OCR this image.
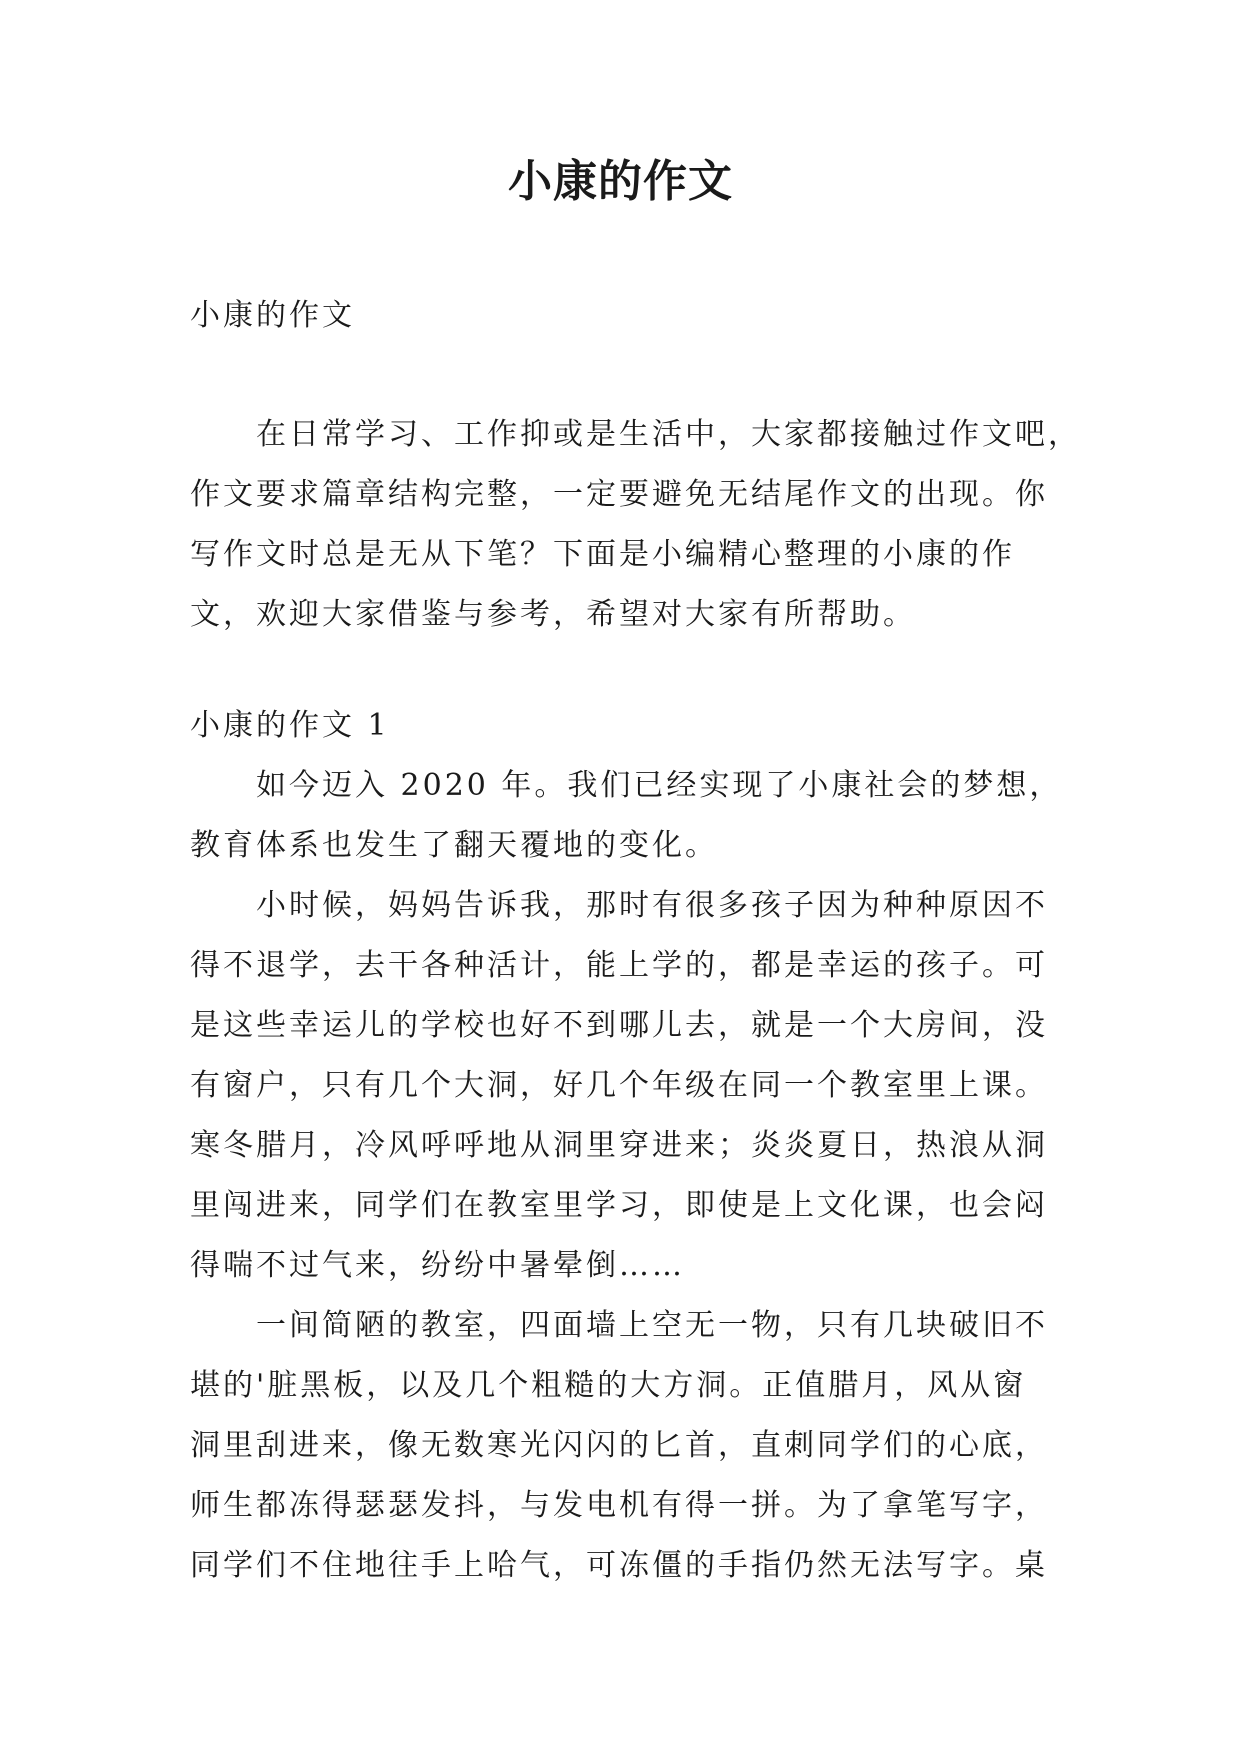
小康的作文
小康的作文
　　在日常学习、工作抑或是生活中，大家都接触过作文吧，
作文要求篇章结构完整，一定要避免无结尾作文的出现。你
写作文时总是无从下笔？下面是小编精心整理的小康的作
文，欢迎大家借鉴与参考，希望对大家有所帮助。
小康的作文 1
　　如今迈入 2020 年。我们已经实现了小康社会的梦想，
教育体系也发生了翻天覆地的变化。
　　小时候，妈妈告诉我，那时有很多孩子因为种种原因不
得不退学，去干各种活计，能上学的，都是幸运的孩子。可
是这些幸运儿的学校也好不到哪儿去，就是一个大房间，没
有窗户，只有几个大洞，好几个年级在同一个教室里上课。
寒冬腊月，冷风呼呼地从洞里穿进来；炎炎夏日，热浪从洞
里闯进来，同学们在教室里学习，即使是上文化课，也会闷
得喘不过气来，纷纷中暑晕倒……
　　一间简陋的教室，四面墙上空无一物，只有几块破旧不
堪的'脏黑板，以及几个粗糙的大方洞。正值腊月，风从窗
洞里刮进来，像无数寒光闪闪的匕首，直刺同学们的心底，
师生都冻得瑟瑟发抖，与发电机有得一拼。为了拿笔写字，
同学们不住地往手上哈气，可冻僵的手指仍然无法写字。桌
